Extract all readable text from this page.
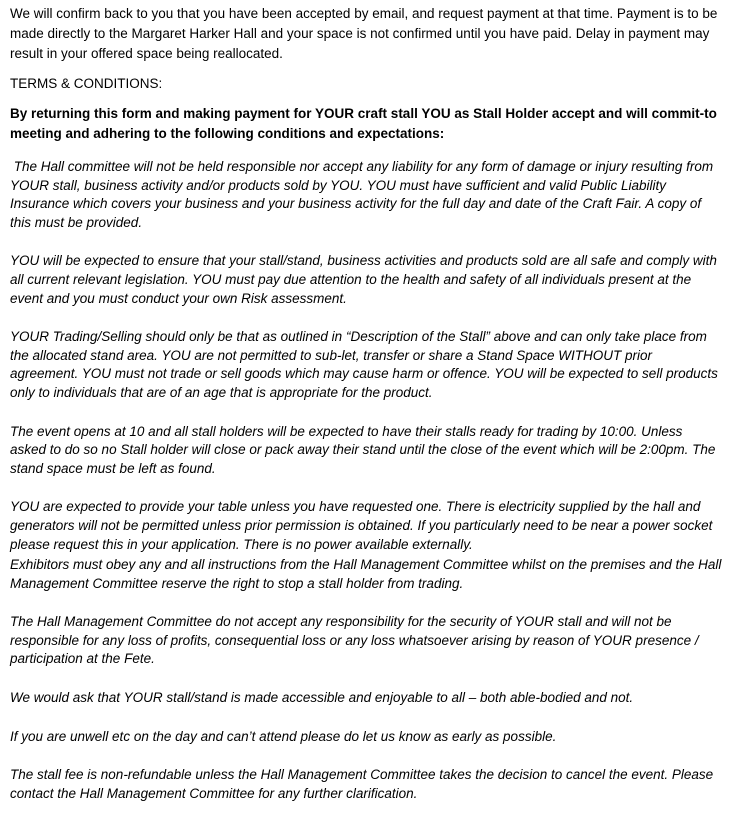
We will confirm back to you that you have been accepted by email, and request payment at that time. Payment is to be made directly to the Margaret Harker Hall and your space is not confirmed until you have paid. Delay in payment may result in your offered space being reallocated.

TERMS & CONDITIONS:

By returning this form and making payment for YOUR craft stall YOU as Stall Holder accept and will commit-to meeting and adhering to the following conditions and expectations:

The Hall committee will not be held responsible nor accept any liability for any form of damage or injury resulting from YOUR stall, business activity and/or products sold by YOU. YOU must have sufficient and valid Public Liability Insurance which covers your business and your business activity for the full day and date of the Craft Fair. A copy of this must be provided.

YOU will be expected to ensure that your stall/stand, business activities and products sold are all safe and comply with all current relevant legislation. YOU must pay due attention to the health and safety of all individuals present at the event and you must conduct your own Risk assessment.

YOUR Trading/Selling should only be that as outlined in “Description of the Stall” above and can only take place from the allocated stand area. YOU are not permitted to sub-let, transfer or share a Stand Space WITHOUT prior agreement. YOU must not trade or sell goods which may cause harm or offence. YOU will be expected to sell products only to individuals that are of an age that is appropriate for the product.

The event opens at 10 and all stall holders will be expected to have their stalls ready for trading by 10:00. Unless asked to do so no Stall holder will close or pack away their stand until the close of the event which will be 2:00pm. The stand space must be left as found.

YOU are expected to provide your table unless you have requested one. There is electricity supplied by the hall and generators will not be permitted unless prior permission is obtained. If you particularly need to be near a power socket please request this in your application. There is no power available externally.

Exhibitors must obey any and all instructions from the Hall Management Committee whilst on the premises and the Hall Management Committee reserve the right to stop a stall holder from trading.

The Hall Management Committee do not accept any responsibility for the security of YOUR stall and will not be responsible for any loss of profits, consequential loss or any loss whatsoever arising by reason of YOUR presence / participation at the Fete.

We would ask that YOUR stall/stand is made accessible and enjoyable to all – both able-bodied and not.

If you are unwell etc on the day and can’t attend please do let us know as early as possible.

The stall fee is non-refundable unless the Hall Management Committee takes the decision to cancel the event. Please contact the Hall Management Committee for any further clarification.
